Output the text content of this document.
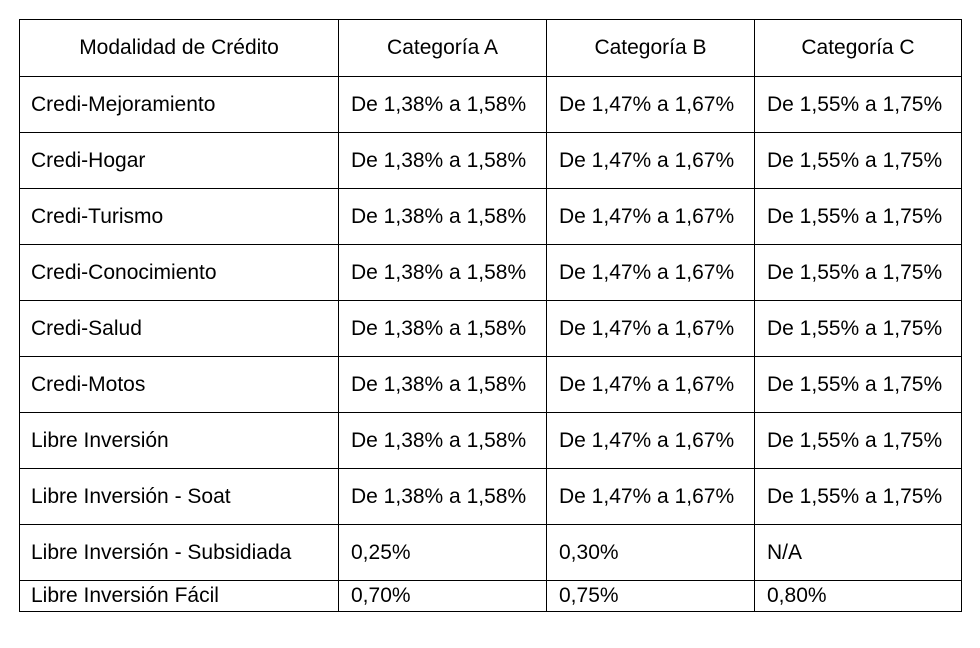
Modalidad de Crédito	Categoría A	Categoría B	Categoría C
Credi-Mejoramiento	De 1,38% a 1,58%	De 1,47% a 1,67%	De 1,55% a 1,75%
Credi-Hogar	De 1,38% a 1,58%	De 1,47% a 1,67%	De 1,55% a 1,75%
Credi-Turismo	De 1,38% a 1,58%	De 1,47% a 1,67%	De 1,55% a 1,75%
Credi-Conocimiento	De 1,38% a 1,58%	De 1,47% a 1,67%	De 1,55% a 1,75%
Credi-Salud	De 1,38% a 1,58%	De 1,47% a 1,67%	De 1,55% a 1,75%
Credi-Motos	De 1,38% a 1,58%	De 1,47% a 1,67%	De 1,55% a 1,75%
Libre Inversión	De 1,38% a 1,58%	De 1,47% a 1,67%	De 1,55% a 1,75%
Libre Inversión - Soat	De 1,38% a 1,58%	De 1,47% a 1,67%	De 1,55% a 1,75%
Libre Inversión - Subsidiada	0,25%	0,30%	N/A
Libre Inversión Fácil	0,70%	0,75%	0,80%
